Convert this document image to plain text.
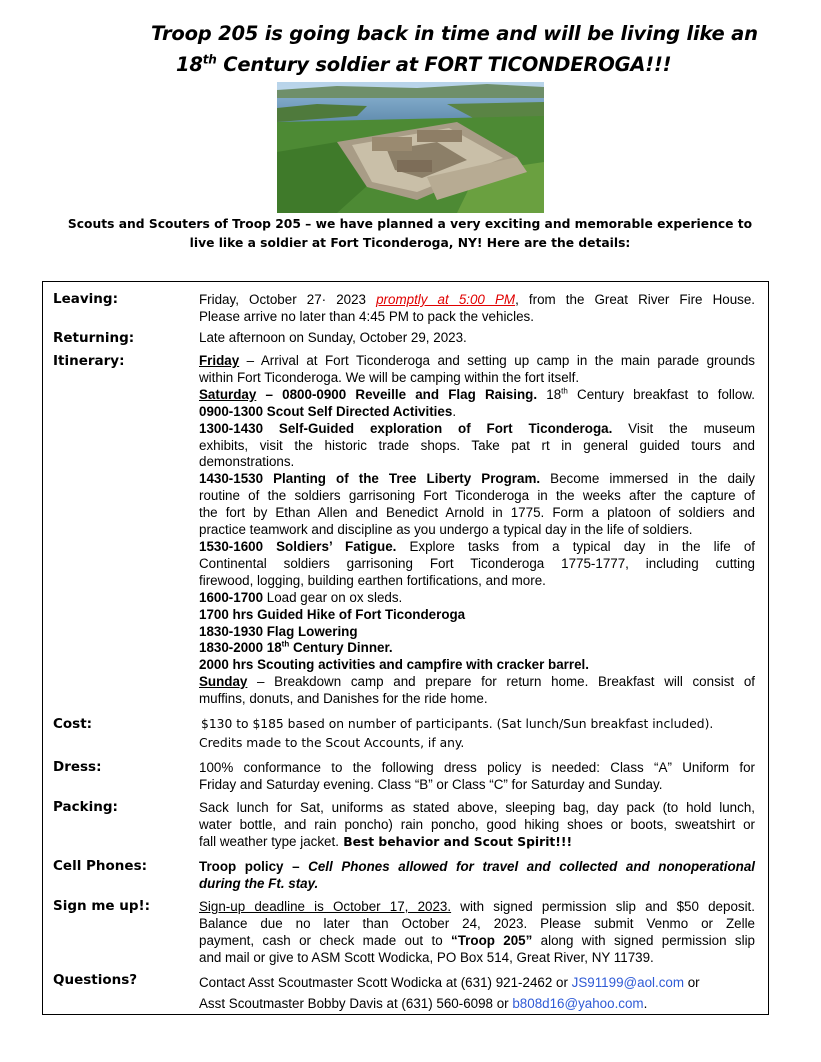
Troop 205 is going back in time and will be living like an
18th Century soldier at FORT TICONDEROGA!!!
Scouts and Scouters of Troop 205 – we have planned a very exciting and memorable experience to
live like a soldier at Fort Ticonderoga, NY! Here are the details:
Leaving:	Friday, October 27· 2023 promptly at 5:00 PM, from the Great River Fire House.
Please arrive no later than 4:45 PM to pack the vehicles.
Returning:	Late afternoon on Sunday, October 29, 2023.
Itinerary:	Friday – Arrival at Fort Ticonderoga and setting up camp in the main parade grounds
within Fort Ticonderoga. We will be camping within the fort itself.
Saturday – 0800-0900 Reveille and Flag Raising. 18th Century breakfast to follow.
0900-1300 Scout Self Directed Activities.
1300-1430 Self-Guided exploration of Fort Ticonderoga. Visit the museum
exhibits, visit the historic trade shops. Take pat rt in general guided tours and
demonstrations.
1430-1530 Planting of the Tree Liberty Program. Become immersed in the daily
routine of the soldiers garrisoning Fort Ticonderoga in the weeks after the capture of
the fort by Ethan Allen and Benedict Arnold in 1775. Form a platoon of soldiers and
practice teamwork and discipline as you undergo a typical day in the life of soldiers.
1530-1600 Soldiers’ Fatigue. Explore tasks from a typical day in the life of
Continental soldiers garrisoning Fort Ticonderoga 1775-1777, including cutting
firewood, logging, building earthen fortifications, and more.
1600-1700 Load gear on ox sleds.
1700 hrs Guided Hike of Fort Ticonderoga
1830-1930 Flag Lowering
1830-2000 18th Century Dinner.
2000 hrs Scouting activities and campfire with cracker barrel.
Sunday – Breakdown camp and prepare for return home. Breakfast will consist of
muffins, donuts, and Danishes for the ride home.
Cost:	$130 to $185 based on number of participants. (Sat lunch/Sun breakfast included).
Credits made to the Scout Accounts, if any.
Dress:	100% conformance to the following dress policy is needed: Class “A” Uniform for
Friday and Saturday evening. Class “B” or Class “C” for Saturday and Sunday.
Packing:	Sack lunch for Sat, uniforms as stated above, sleeping bag, day pack (to hold lunch,
water bottle, and rain poncho) rain poncho, good hiking shoes or boots, sweatshirt or
fall weather type jacket. Best behavior and Scout Spirit!!!
Cell Phones:	Troop policy – Cell Phones allowed for travel and collected and nonoperational
during the Ft. stay.
Sign me up!:	Sign-up deadline is October 17, 2023. with signed permission slip and $50 deposit.
Balance due no later than October 24, 2023. Please submit Venmo or Zelle
payment, cash or check made out to “Troop 205” along with signed permission slip
and mail or give to ASM Scott Wodicka, PO Box 514, Great River, NY 11739.
Questions?	Contact Asst Scoutmaster Scott Wodicka at (631) 921-2462 or JS91199@aol.com or
Asst Scoutmaster Bobby Davis at (631) 560-6098 or b808d16@yahoo.com.
